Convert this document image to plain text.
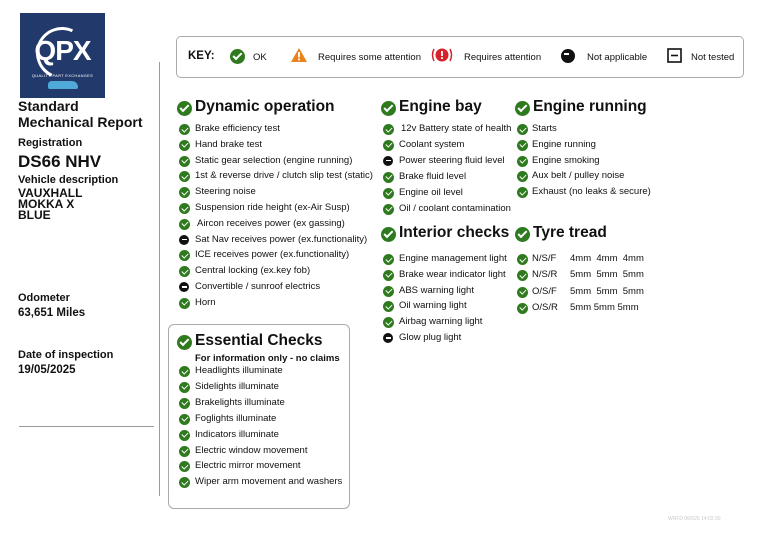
QPX
QUALITY PART EXCHANGES
Standard
Mechanical Report
Registration
DS66 NHV
Vehicle description
VAUXHALL
MOKKA X
BLUE
Odometer
63,651 Miles
Date of inspection
19/05/2025
KEY:	OK	Requires some attention	Requires attention	Not applicable	Not tested
Dynamic operation
Essential Checks
For information only - no claims
Engine bay
Interior checks
Engine running
Tyre tread
Brake efficiency test
Hand brake test
Static gear selection (engine running)
1st & reverse drive / clutch slip test (static)
Steering noise
Suspension ride height (ex-Air Susp)
Aircon receives power (ex gassing)
Sat Nav receives power (ex.functionality)
ICE receives power (ex.functionality)
Central locking (ex.key fob)
Convertible / sunroof electrics
Horn
Headlights illuminate
Sidelights illuminate
Brakelights illuminate
Foglights illuminate
Indicators illuminate
Electric window movement
Electric mirror movement
Wiper arm movement and washers
12v Battery state of health
Coolant system
Power steering fluid level
Brake fluid level
Engine oil level
Oil / coolant contamination
Engine management light
Brake wear indicator light
ABS warning light
Oil warning light
Airbag warning light
Glow plug light
Starts
Engine running
Engine smoking
Aux belt / pulley noise
Exhaust (no leaks & secure)
N/S/F 4mm  4mm  4mm
N/S/R 5mm  5mm  5mm
O/S/F 5mm  5mm  5mm
O/S/R 5mm 5mm 5mm
WRFD 06/025 14:02:30
